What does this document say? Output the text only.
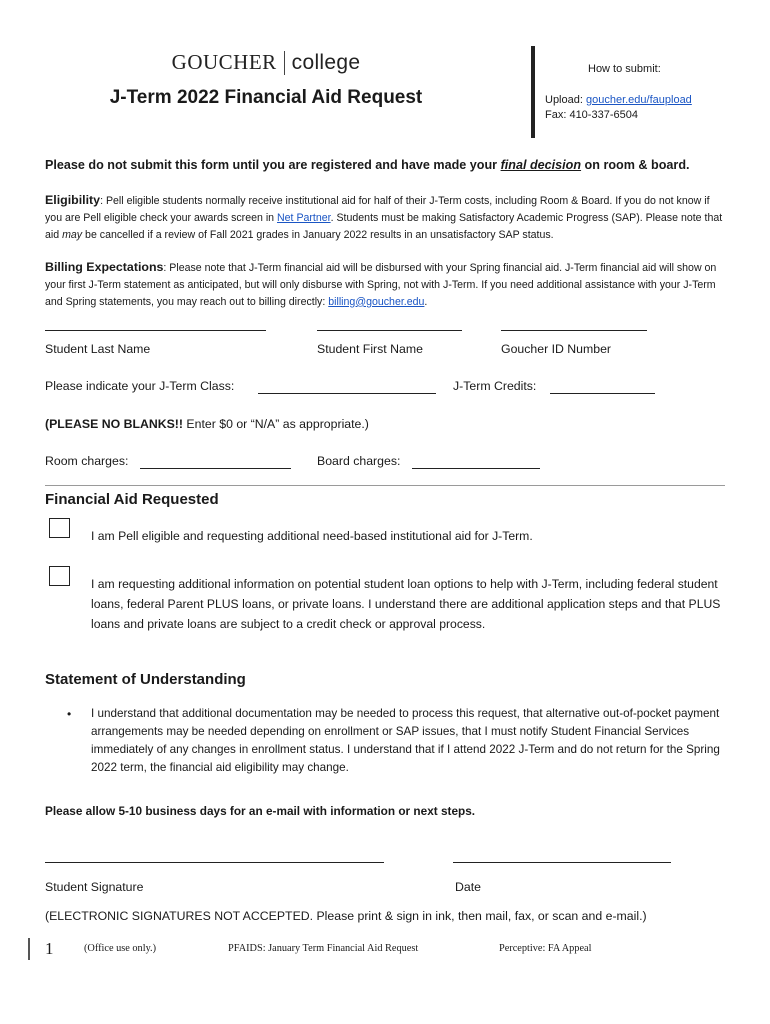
GOUCHER college
J-Term 2022 Financial Aid Request
How to submit:
Upload: goucher.edu/faupload
Fax: 410-337-6504
Please do not submit this form until you are registered and have made your final decision on room & board.
Eligibility: Pell eligible students normally receive institutional aid for half of their J-Term costs, including Room & Board. If you do not know if you are Pell eligible check your awards screen in Net Partner. Students must be making Satisfactory Academic Progress (SAP). Please note that aid may be cancelled if a review of Fall 2021 grades in January 2022 results in an unsatisfactory SAP status.
Billing Expectations: Please note that J-Term financial aid will be disbursed with your Spring financial aid. J-Term financial aid will show on your first J-Term statement as anticipated, but will only disburse with Spring, not with J-Term. If you need additional assistance with your J-Term and Spring statements, you may reach out to billing directly: billing@goucher.edu.
Student Last Name	Student First Name	Goucher ID Number
Please indicate your J-Term Class:	J-Term Credits:
(PLEASE NO BLANKS!! Enter $0 or “N/A” as appropriate.)
Room charges:	Board charges:
Financial Aid Requested
I am Pell eligible and requesting additional need-based institutional aid for J-Term.
I am requesting additional information on potential student loan options to help with J-Term, including federal student loans, federal Parent PLUS loans, or private loans. I understand there are additional application steps and that PLUS loans and private loans are subject to a credit check or approval process.
Statement of Understanding
• I understand that additional documentation may be needed to process this request, that alternative out-of-pocket payment arrangements may be needed depending on enrollment or SAP issues, that I must notify Student Financial Services immediately of any changes in enrollment status. I understand that if I attend 2022 J-Term and do not return for the Spring 2022 term, the financial aid eligibility may change.
Please allow 5-10 business days for an e-mail with information or next steps.
Student Signature	Date
(ELECTRONIC SIGNATURES NOT ACCEPTED. Please print & sign in ink, then mail, fax, or scan and e-mail.)
1	(Office use only.)	PFAIDS: January Term Financial Aid Request	Perceptive: FA Appeal
